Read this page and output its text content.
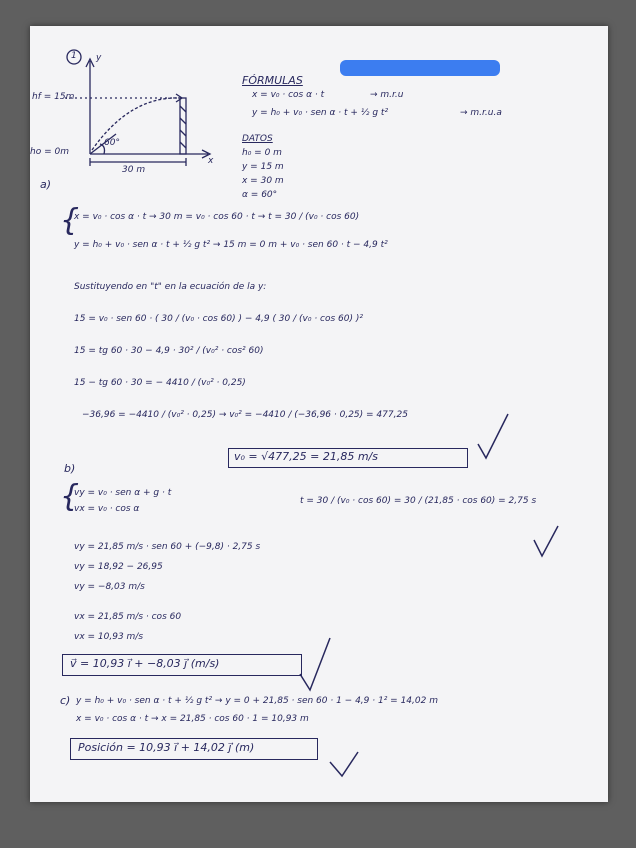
1 y
x
hf = 15m
ho = 0m
60°
30 m
FÓRMULAS
x = v₀ · cos α · t	→ m.r.u
y = h₀ + v₀ · sen α · t + ½ g t²	→ m.r.u.a
DATOS
h₀ = 0 m
y = 15 m
x = 30 m
α = 60°
a)
{
x = v₀ · cos α · t → 30 m = v₀ · cos 60 · t → t = 30 / (v₀ · cos 60)
y = h₀ + v₀ · sen α · t + ½ g t² → 15 m = 0 m + v₀ · sen 60 · t − 4,9 t²
Sustituyendo en "t" en la ecuación de la y:
15 = v₀ · sen 60 · ( 30 / (v₀ · cos 60) ) − 4,9 ( 30 / (v₀ · cos 60) )²
15 = tg 60 · 30 − 4,9 · 30² / (v₀² · cos² 60)
15 − tg 60 · 30 = − 4410 / (v₀² · 0,25)
−36,96 = −4410 / (v₀² · 0,25) → v₀² = −4410 / (−36,96 · 0,25) = 477,25
v₀ = √477,25 = 21,85 m/s
b)
{
vy = v₀ · sen α + g · t
vx = v₀ · cos α
t = 30 / (v₀ · cos 60) = 30 / (21,85 · cos 60) = 2,75 s
vy = 21,85 m/s · sen 60 + (−9,8) · 2,75 s
vy = 18,92 − 26,95
vy = −8,03 m/s
vx = 21,85 m/s · cos 60
vx = 10,93 m/s
v⃗ = 10,93 i⃗ + −8,03 j⃗ (m/s)
c) y = h₀ + v₀ · sen α · t + ½ g t² → y = 0 + 21,85 · sen 60 · 1 − 4,9 · 1² = 14,02 m
x = v₀ · cos α · t → x = 21,85 · cos 60 · 1 = 10,93 m
Posición = 10,93 i⃗ + 14,02 j⃗ (m)
